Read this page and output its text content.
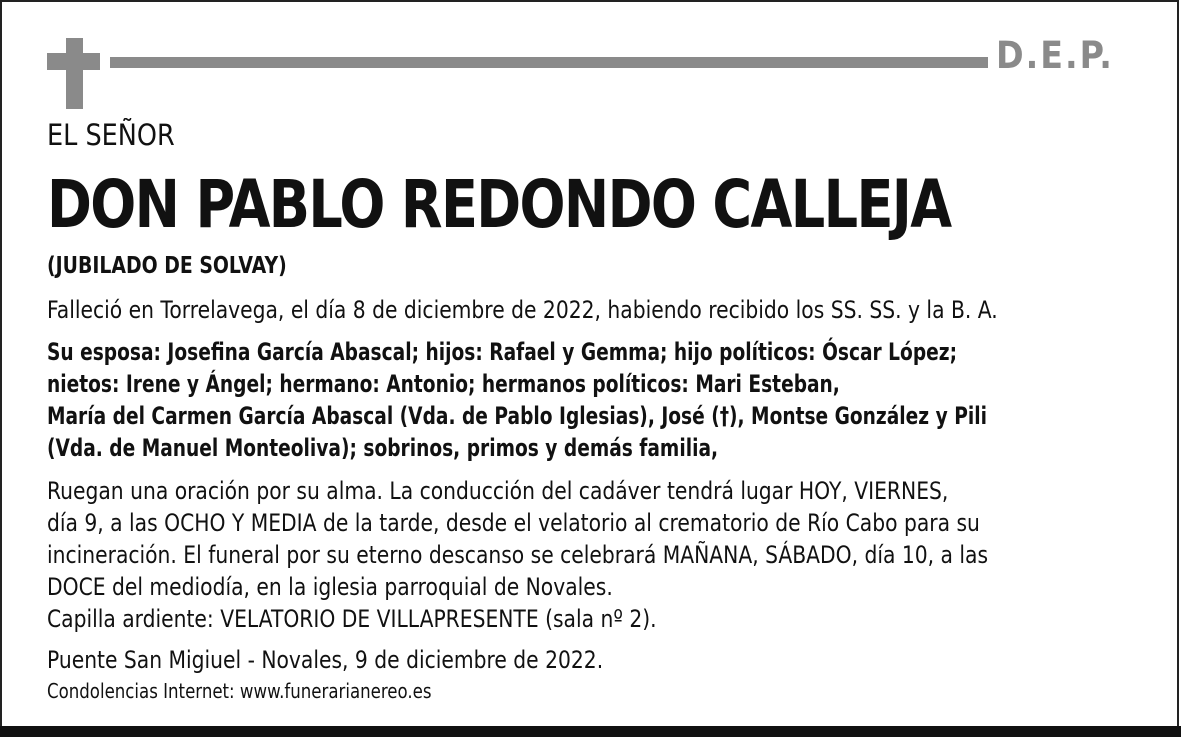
D.E.P.
EL SEÑOR
DON PABLO REDONDO CALLEJA
(JUBILADO DE SOLVAY)
Falleció en Torrelavega, el día 8 de diciembre de 2022, habiendo recibido los SS. SS. y la B. A.
Su esposa: Josefina García Abascal; hijos: Rafael y Gemma; hijo políticos: Óscar López;
nietos: Irene y Ángel; hermano: Antonio; hermanos políticos: Mari Esteban,
María del Carmen García Abascal (Vda. de Pablo Iglesias), José (†), Montse González y Pili
(Vda. de Manuel Monteoliva); sobrinos, primos y demás familia,
Ruegan una oración por su alma. La conducción del cadáver tendrá lugar HOY, VIERNES,
día 9, a las OCHO Y MEDIA de la tarde, desde el velatorio al crematorio de Río Cabo para su
incineración. El funeral por su eterno descanso se celebrará MAÑANA, SÁBADO, día 10, a las
DOCE del mediodía, en la iglesia parroquial de Novales.
Capilla ardiente: VELATORIO DE VILLAPRESENTE (sala nº 2).
Puente San Migiuel - Novales, 9 de diciembre de 2022.
Condolencias Internet: www.funerarianereo.es
